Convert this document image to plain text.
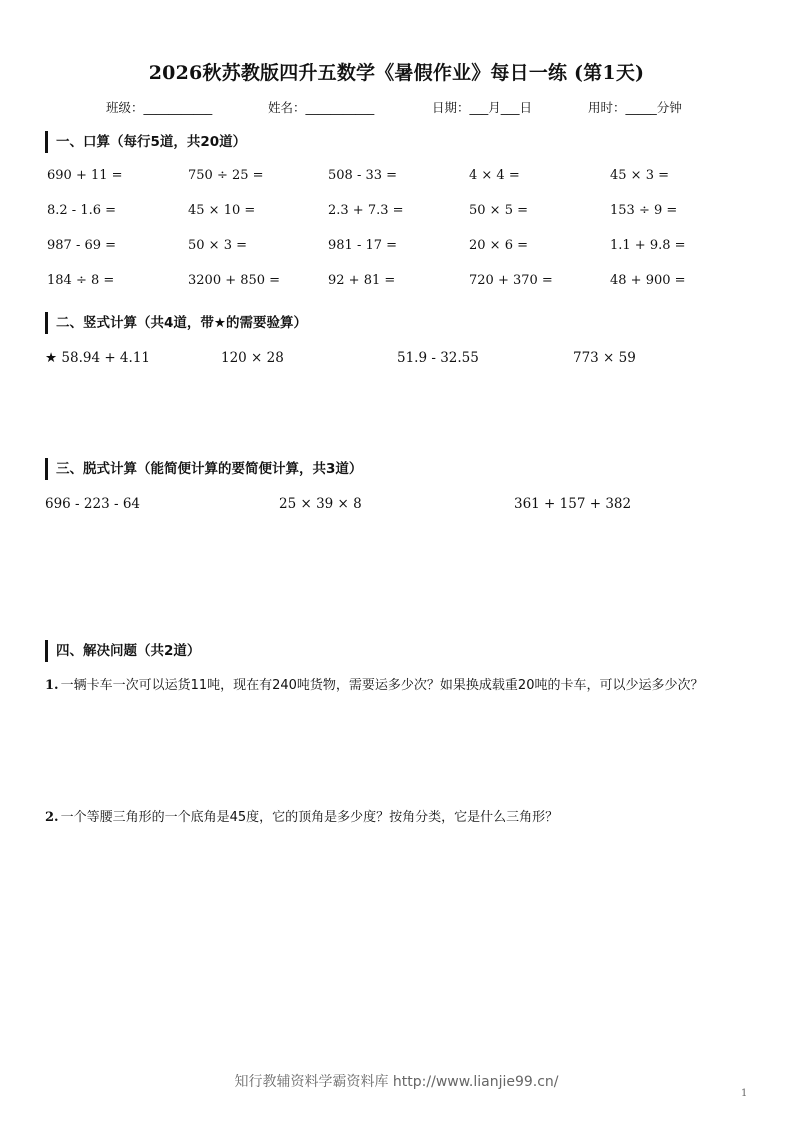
2026秋苏教版四升五数学《暑假作业》每日一练 (第1天)
班级：___________	姓名：___________	日期：___月___日	用时：_____分钟
一、口算（每行5道，共20道）
690 + 11 =	750 ÷ 25 =	508 - 33 =	4 × 4 =	45 × 3 =
8.2 - 1.6 =	45 × 10 =	2.3 + 7.3 =	50 × 5 =	153 ÷ 9 =
987 - 69 =	50 × 3 =	981 - 17 =	20 × 6 =	1.1 + 9.8 =
184 ÷ 8 =	3200 + 850 =	92 + 81 =	720 + 370 =	48 + 900 =
二、竖式计算（共4道，带★的需要验算）
★ 58.94 + 4.11	120 × 28	51.9 - 32.55	773 × 59
三、脱式计算（能简便计算的要简便计算，共3道）
696 - 223 - 64	25 × 39 × 8	361 + 157 + 382
四、解决问题（共2道）
1. 一辆卡车一次可以运货11吨，现在有240吨货物，需要运多少次？如果换成载重20吨的卡车，可以少运多少次？
2. 一个等腰三角形的一个底角是45度，它的顶角是多少度？按角分类，它是什么三角形？
知行教辅资料学霸资料库 http://www.lianjie99.cn/
1
